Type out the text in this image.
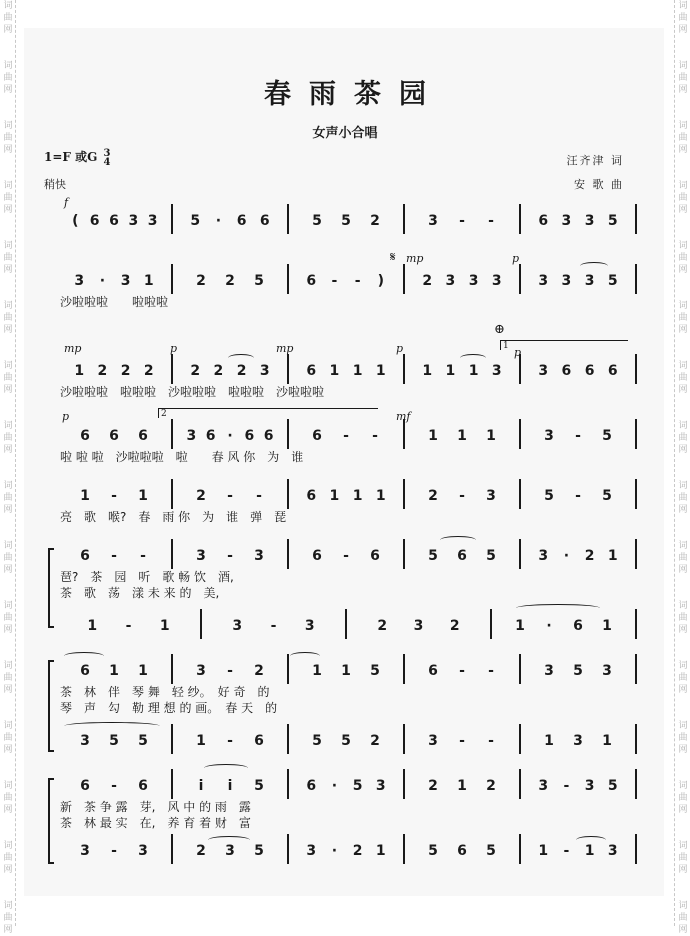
词
曲
网
词
曲
网
词
曲
网
词
曲
网
词
曲
网
词
曲
网
词
曲
网
词
曲
网
词
曲
网
词
曲
网
词
曲
网
词
曲
网
词
曲
网
词
曲
网
词
曲
网
词
曲
网
词
曲
网
词
曲
网
词
曲
网
词
曲
网
词
曲
网
词
曲
网
词
曲
网
词
曲
网
词
曲
网
词
曲
网
词
曲
网
词
曲
网
词
曲
网
词
曲
网
词
曲
网
词
曲
网
春雨茶园
女声小合唱
1=F 或G 3
4
稍快
汪齐津 词
安 歌 曲
( 6 6 3 3 5	·	6 6	5 5 2	3	-	-	6 3 3 5
3	·	3 1	2 2 5	6	-	-	)	2 3 3 3	3 3 3 5
沙啦啦啦　　啦啦啦
1 2 2 2	2 2 2 3	6 1 1 1	1 1 1 3	3 6 6 6
沙啦啦啦　啦啦啦　沙啦啦啦　啦啦啦　沙啦啦啦
6 6 6	3 6 · 6 6	6	-	-	1 1 1	3	-	5
啦 啦 啦　沙啦啦啦　啦　　春 风 你　为　谁
1	-	1	2	-	-	6 1 1 1	2	-	3	5	-	5
亮　歌　喉?　春　雨 你　为　谁　弹　琵
6	-	-	3	-	3	6	-	6	5 6 5	3	·	2 1
琶?　茶　园　听　歌 畅 饮　酒,
茶　歌　荡　漾 未 来 的　美,
1	-	1	3	-	3	2 3 2	1	·	6 1
6 1 1	3	-	2	1 1 5	6	-	-	3 5 3
茶　林　伴　琴 舞　轻 纱。　好 奇　的
琴　声　勾　勒 理 想 的 画。　春 天　的
3 5 5	1	-	6	5 5 2	3	-	-	1 3 1
6	-	6	i	i	5	6	·	5 3	2 1 2	3	-	3 5
新　茶 争 露　芽,　风 中 的 雨　露
茶　林 最 实　在,　养 育 着 财　富
3	-	3	2 3 5	3	·	2 1	5 6 5	1	-	1 3
f
mp	p
mp	p	mp	p	p
p	mf
1
2
𝄋
⊕
